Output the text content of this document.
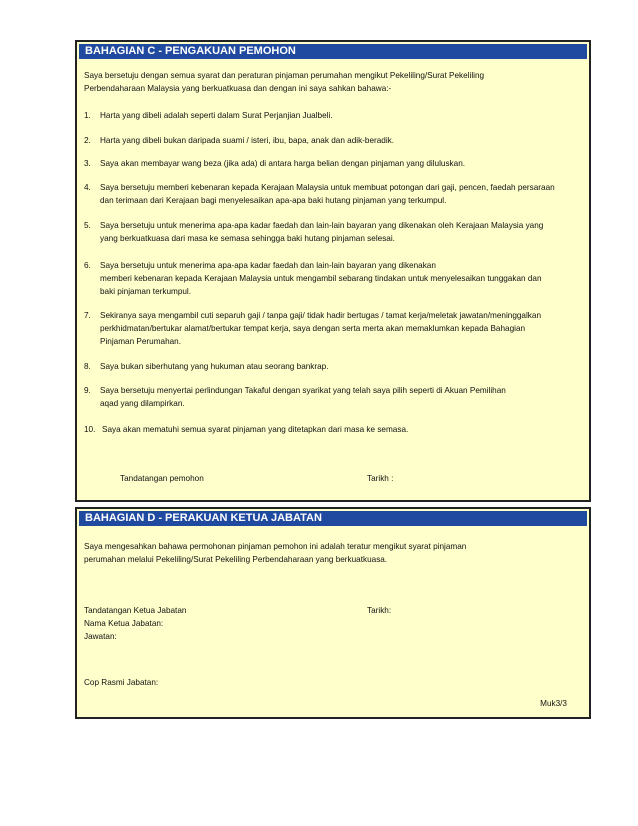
BAHAGIAN C - PENGAKUAN PEMOHON
Saya bersetuju dengan semua syarat dan peraturan pinjaman perumahan mengikut Pekeliling/Surat Pekeliling
Perbendaharaan Malaysia yang berkuatkuasa dan dengan ini saya sahkan bahawa:-
1. Harta yang dibeli adalah seperti dalam Surat Perjanjian Jualbeli.
2. Harta yang dibeli bukan daripada suami / isteri, ibu, bapa, anak dan adik-beradik.
3. Saya akan membayar wang beza (jika ada) di antara harga belian dengan pinjaman yang diluluskan.
4. Saya bersetuju memberi kebenaran kepada Kerajaan Malaysia untuk membuat potongan dari gaji, pencen, faedah persaraan
dan terimaan dari Kerajaan bagi menyelesaikan apa-apa baki hutang pinjaman yang terkumpul.
5. Saya bersetuju untuk menerima apa-apa kadar faedah dan lain-lain bayaran yang dikenakan oleh Kerajaan Malaysia yang
yang berkuatkuasa dari masa ke semasa sehingga baki hutang pinjaman selesai.
6. Saya bersetuju untuk menerima apa-apa kadar faedah dan lain-lain bayaran yang dikenakan
memberi kebenaran kepada Kerajaan Malaysia untuk mengambil sebarang tindakan untuk menyelesaikan tunggakan dan
baki pinjaman terkumpul.
7. Sekiranya saya mengambil cuti separuh gaji / tanpa gaji/ tidak hadir bertugas / tamat kerja/meletak jawatan/meninggalkan
perkhidmatan/bertukar alamat/bertukar tempat kerja, saya dengan serta merta akan memaklumkan kepada Bahagian
Pinjaman Perumahan.
8. Saya bukan siberhutang yang hukuman atau seorang bankrap.
9. Saya bersetuju menyertai perlindungan Takaful dengan syarikat yang telah saya pilih seperti di Akuan Pemilihan
aqad yang dilampirkan.
10. Saya akan mematuhi semua syarat pinjaman yang ditetapkan dari masa ke semasa.
Tandatangan pemohon	Tarikh :
BAHAGIAN D - PERAKUAN KETUA JABATAN
Saya mengesahkan bahawa permohonan pinjaman pemohon ini adalah teratur mengikut syarat pinjaman
perumahan melalui Pekeliling/Surat Pekeliling Perbendaharaan yang berkuatkuasa.
Tandatangan Ketua Jabatan	Tarikh:
Nama Ketua Jabatan:
Jawatan:
Cop Rasmi Jabatan:
Muk3/3
